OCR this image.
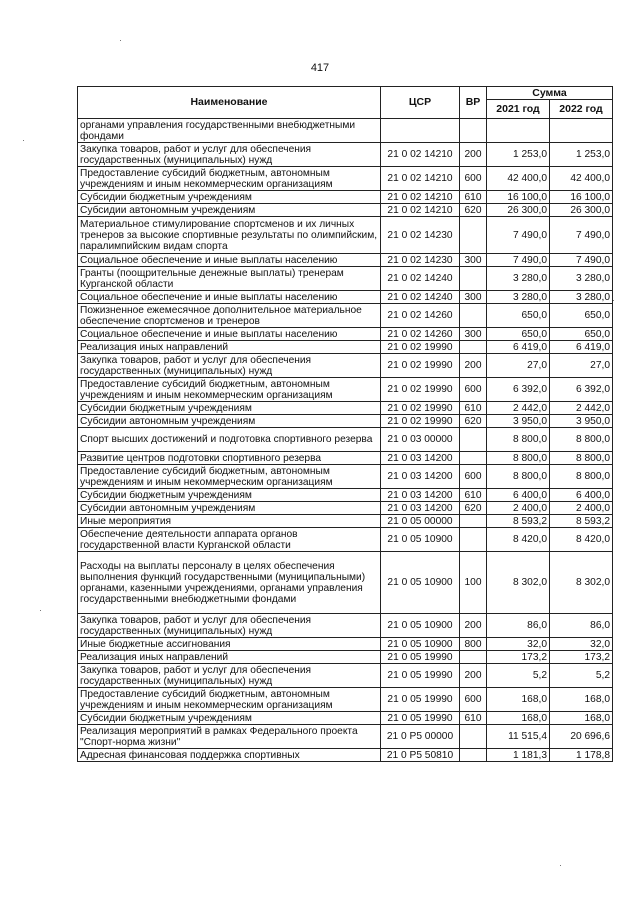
417
Наименование	ЦСР	ВР	Сумма	
			2021 год	2022 год
органами управления государственными внебюджетными фондами				
Закупка товаров, работ и услуг для обеспечения государственных (муниципальных) нужд	21 0 02 14210	200	1 253,0	1 253,0
Предоставление субсидий бюджетным, автономным учреждениям и иным некоммерческим организациям	21 0 02 14210	600	42 400,0	42 400,0
Субсидии бюджетным учреждениям	21 0 02 14210	610	16 100,0	16 100,0
Субсидии автономным учреждениям	21 0 02 14210	620	26 300,0	26 300,0
Материальное стимулирование спортсменов и их личных тренеров за высокие спортивные результаты по олимпийским, паралимпийским видам спорта	21 0 02 14230		7 490,0	7 490,0
Социальное обеспечение и иные выплаты населению	21 0 02 14230	300	7 490,0	7 490,0
Гранты (поощрительные денежные выплаты) тренерам Курганской области	21 0 02 14240		3 280,0	3 280,0
Социальное обеспечение и иные выплаты населению	21 0 02 14240	300	3 280,0	3 280,0
Пожизненное ежемесячное дополнительное материальное обеспечение спортсменов и тренеров	21 0 02 14260		650,0	650,0
Социальное обеспечение и иные выплаты населению	21 0 02 14260	300	650,0	650,0
Реализация иных направлений	21 0 02 19990		6 419,0	6 419,0
Закупка товаров, работ и услуг для обеспечения государственных (муниципальных) нужд	21 0 02 19990	200	27,0	27,0
Предоставление субсидий бюджетным, автономным учреждениям и иным некоммерческим организациям	21 0 02 19990	600	6 392,0	6 392,0
Субсидии бюджетным учреждениям	21 0 02 19990	610	2 442,0	2 442,0
Субсидии автономным учреждениям	21 0 02 19990	620	3 950,0	3 950,0
Спорт высших достижений и подготовка спортивного резерва	21 0 03 00000		8 800,0	8 800,0
Развитие центров подготовки спортивного резерва	21 0 03 14200		8 800,0	8 800,0
Предоставление субсидий бюджетным, автономным учреждениям и иным некоммерческим организациям	21 0 03 14200	600	8 800,0	8 800,0
Субсидии бюджетным учреждениям	21 0 03 14200	610	6 400,0	6 400,0
Субсидии автономным учреждениям	21 0 03 14200	620	2 400,0	2 400,0
Иные мероприятия	21 0 05 00000		8 593,2	8 593,2
Обеспечение деятельности аппарата органов государственной власти Курганской области	21 0 05 10900		8 420,0	8 420,0
Расходы на выплаты персоналу в целях обеспечения выполнения функций государственными (муниципальными) органами, казенными учреждениями, органами управления государственными внебюджетными фондами	21 0 05 10900	100	8 302,0	8 302,0
Закупка товаров, работ и услуг для обеспечения государственных (муниципальных) нужд	21 0 05 10900	200	86,0	86,0
Иные бюджетные ассигнования	21 0 05 10900	800	32,0	32,0
Реализация иных направлений	21 0 05 19990		173,2	173,2
Закупка товаров, работ и услуг для обеспечения государственных (муниципальных) нужд	21 0 05 19990	200	5,2	5,2
Предоставление субсидий бюджетным, автономным учреждениям и иным некоммерческим организациям	21 0 05 19990	600	168,0	168,0
Субсидии бюджетным учреждениям	21 0 05 19990	610	168,0	168,0
Реализация мероприятий в рамках Федерального проекта "Спорт-норма жизни"	21 0 P5 00000		11 515,4	20 696,6
Адресная финансовая поддержка спортивных	21 0 P5 50810		1 181,3	1 178,8
